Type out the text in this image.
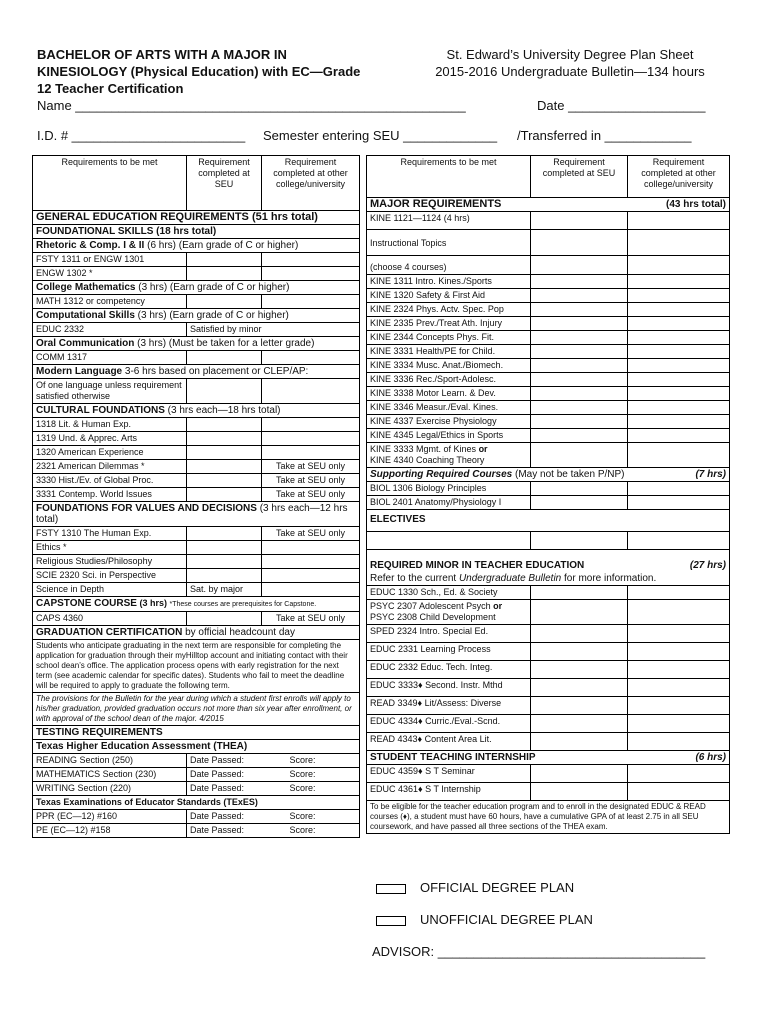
BACHELOR OF ARTS WITH A MAJOR IN
KINESIOLOGY (Physical Education) with EC—Grade
12 Teacher Certification
St. Edward’s University Degree Plan Sheet
2015-2016 Undergraduate Bulletin—134 hours
Name ______________________________________________________	Date ___________________
I.D. # ________________________ Semester entering SEU _____________ /Transferred in ____________
Requirements to be met	Requirement completed at SEU	Requirement completed at other college/university
GENERAL EDUCATION REQUIREMENTS (51 hrs total)		
FOUNDATIONAL SKILLS (18 hrs total)		
Rhetoric & Comp. I & II (6 hrs) (Earn grade of C or higher)		
FSTY 1311 or ENGW 1301		
ENGW 1302 *		
College Mathematics (3 hrs) (Earn grade of C or higher)		
MATH 1312 or competency		
Computational Skills (3 hrs) (Earn grade of C or higher)		
EDUC 2332	Satisfied by minor	
Oral Communication (3 hrs) (Must be taken for a letter grade)		
COMM 1317		
Modern Language 3-6 hrs based on placement or CLEP/AP:		
Of one language unless requirement satisfied otherwise		
CULTURAL FOUNDATIONS (3 hrs each—18 hrs total)		
1318 Lit. & Human Exp.		
1319 Und. & Apprec. Arts		
1320 American Experience		
2321 American Dilemmas *		Take at SEU only
3330 Hist./Ev. of Global Proc.		Take at SEU only
3331 Contemp. World Issues		Take at SEU only
FOUNDATIONS FOR VALUES AND DECISIONS (3 hrs each—12 hrs total)		
FSTY 1310 The Human Exp.		Take at SEU only
Ethics *		
Religious Studies/Philosophy		
SCIE 2320 Sci. in Perspective		
Science in Depth	Sat. by major	
CAPSTONE COURSE (3 hrs) *These courses are prerequisites for Capstone.		
CAPS 4360		Take at SEU only
GRADUATION CERTIFICATION by official headcount day		
Students who anticipate graduating in the next term are responsible for completing the application for graduation through their myHilltop account and initiating contact with their school dean’s office. The application process opens with early registration for the next term (see academic calendar for specific dates). Students who fail to meet the deadline will be required to apply to graduate the following term.		
The provisions for the Bulletin for the year during which a student first enrolls will apply to his/her graduation, provided graduation occurs not more than six year after enrollment, or with approval of the school dean of the major. 4/2015		
TESTING REQUIREMENTS		
Texas Higher Education Assessment (THEA)		
READING Section (250)	Date Passed:	Score:
MATHEMATICS Section (230)	Date Passed:	Score:
WRITING Section (220)	Date Passed:	Score:
Texas Examinations of Educator Standards (TExES)		
PPR (EC—12) #160	Date Passed:	Score:
PE (EC—12) #158	Date Passed:	Score:
Requirements to be met	Requirement completed at SEU	Requirement completed at other college/university
MAJOR REQUIREMENTS		(43 hrs total)
KINE 1121—1124 (4 hrs)		
Instructional Topics		
(choose 4 courses)		
KINE 1311 Intro. Kines./Sports		
KINE 1320 Safety & First Aid		
KINE 2324 Phys. Actv. Spec. Pop		
KINE 2335 Prev./Treat Ath. Injury		
KINE 2344 Concepts Phys. Fit.		
KINE 3331 Health/PE for Child.		
KINE 3334 Musc. Anat./Biomech.		
KINE 3336 Rec./Sport-Adolesc.		
KINE 3338 Motor Learn. & Dev.		
KINE 3346 Measur./Eval. Kines.		
KINE 4337 Exercise Physiology		
KINE 4345 Legal/Ethics in Sports		
KINE 3333 Mgmt. of Kines or
KINE 4340 Coaching Theory		
Supporting Required Courses (May not be taken P/NP)		(7 hrs)
BIOL 1306 Biology Principles		
BIOL 2401 Anatomy/Physiology I		
ELECTIVES		

REQUIRED MINOR IN TEACHER EDUCATION		(27 hrs)
Refer to the current Undergraduate Bulletin for more information.		
EDUC 1330 Sch., Ed. & Society		
PSYC 2307 Adolescent Psych or
PSYC 2308 Child Development		
SPED 2324 Intro. Special Ed.		
EDUC 2331 Learning Process		
EDUC 2332 Educ. Tech. Integ.		
EDUC 3333♦ Second. Instr. Mthd		
READ 3349♦ Lit/Assess: Diverse		
EDUC 4334♦ Curric./Eval.-Scnd.		
READ 4343♦ Content Area Lit.		
STUDENT TEACHING INTERNSHIP		(6 hrs)
EDUC 4359♦ S T Seminar		
EDUC 4361♦ S T Internship		
To be eligible for the teacher education program and to enroll in the designated EDUC & READ courses (♦), a student must have 60 hours, have a cumulative GPA of at least 2.75 in all SEU coursework, and have passed all three sections of the THEA exam.		
OFFICIAL DEGREE PLAN
UNOFFICIAL DEGREE PLAN
ADVISOR: _____________________________________
